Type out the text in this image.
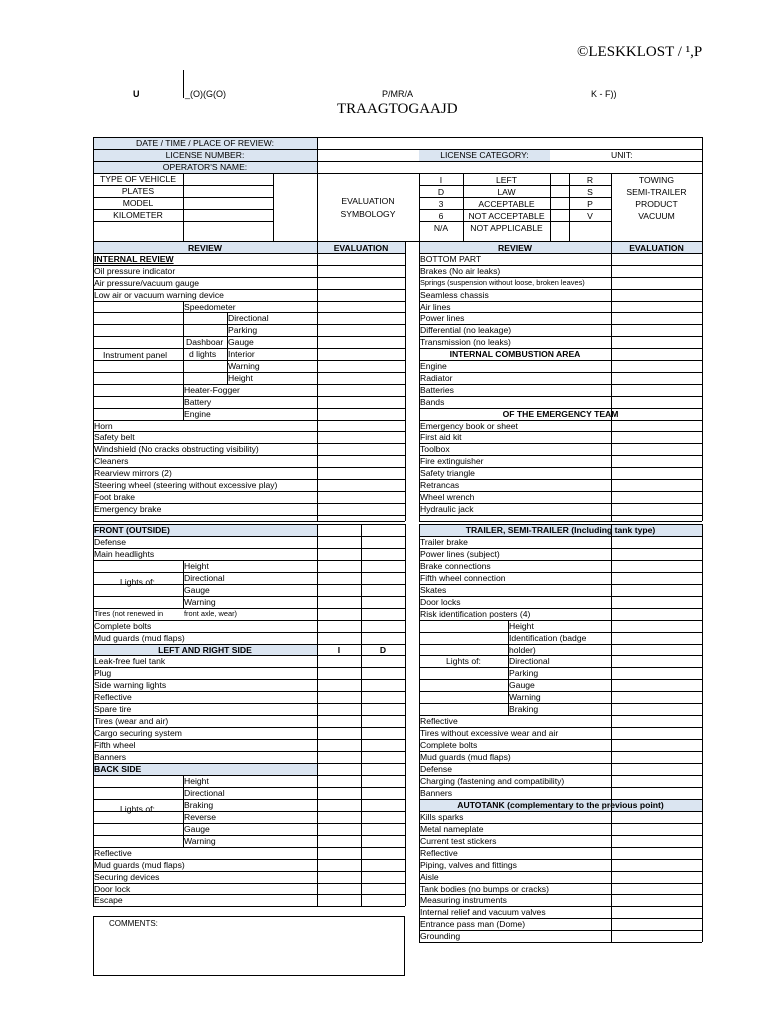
©LESKKLOST / ¹,P
U	_(O)(G(O)	P/MR/A	K - F))
TRAAGTOGAAJD
DATE / TIME / PLACE OF REVIEW:
LICENSE NUMBER:	LICENSE CATEGORY:	UNIT:
OPERATOR'S NAME:
TYPE OF VEHICLE
PLATES
MODEL
KILOMETER
EVALUATION
SYMBOLOGY
I	LEFT	R	TOWING
D	LAW	S	SEMI-TRAILER
3	ACCEPTABLE	P	PRODUCT
6	NOT ACCEPTABLE	V	VACUUM
N/A	NOT APPLICABLE
REVIEW	EVALUATION
INTERNAL REVIEW
Oil pressure indicator
Air pressure/vacuum gauge
Low air or vacuum warning device
Instrument panel
Speedometer
Dashboar
d lights
Directional
Parking
Gauge
Interior
Warning
Height
Heater-Fogger
Battery
Engine
Horn
Safety belt
Windshield (No cracks obstructing visibility)
Cleaners
Rearview mirrors (2)
Steering wheel (steering without excessive play)
Foot brake
Emergency brake
REVIEW	EVALUATION
BOTTOM PART
Brakes (No air leaks)
Springs (suspension without loose, broken leaves)
Seamless chassis
Air lines
Power lines
Differential (no leakage)
Transmission (no leaks)
INTERNAL COMBUSTION AREA
Engine
Radiator
Batteries
Bands
OF THE EMERGENCY TEAM
Emergency book or sheet
First aid kit
Toolbox
Fire extinguisher
Safety triangle
Retrancas
Wheel wrench
Hydraulic jack
FRONT (OUTSIDE)
Defense
Main headlights
Lights of:
Height
Directional
Gauge
Warning
Tires (not renewed in	front axle, wear)
Complete bolts
Mud guards (mud flaps)
LEFT AND RIGHT SIDE	I	D
Leak-free fuel tank
Plug
Side warning lights
Reflective
Spare tire
Tires (wear and air)
Cargo securing system
Fifth wheel
Banners
BACK SIDE
Lights of:
Height
Directional
Braking
Reverse
Gauge
Warning
Reflective
Mud guards (mud flaps)
Securing devices
Door lock
Escape
TRAILER, SEMI-TRAILER (Including tank type)
Trailer brake
Power lines (subject)
Brake connections
Fifth wheel connection
Skates
Door locks
Risk identification posters (4)
Lights of:
Height
Identification (badge
holder)
Directional
Parking
Gauge
Warning
Braking
Reflective
Tires without excessive wear and air
Complete bolts
Mud guards (mud flaps)
Defense
Charging (fastening and compatibility)
Banners
AUTOTANK (complementary to the previous point)
Kills sparks
Metal nameplate
Current test stickers
Reflective
Piping, valves and fittings
Aisle
Tank bodies (no bumps or cracks)
Measuring instruments
Internal relief and vacuum valves
Entrance pass man (Dome)
Grounding
COMMENTS:
